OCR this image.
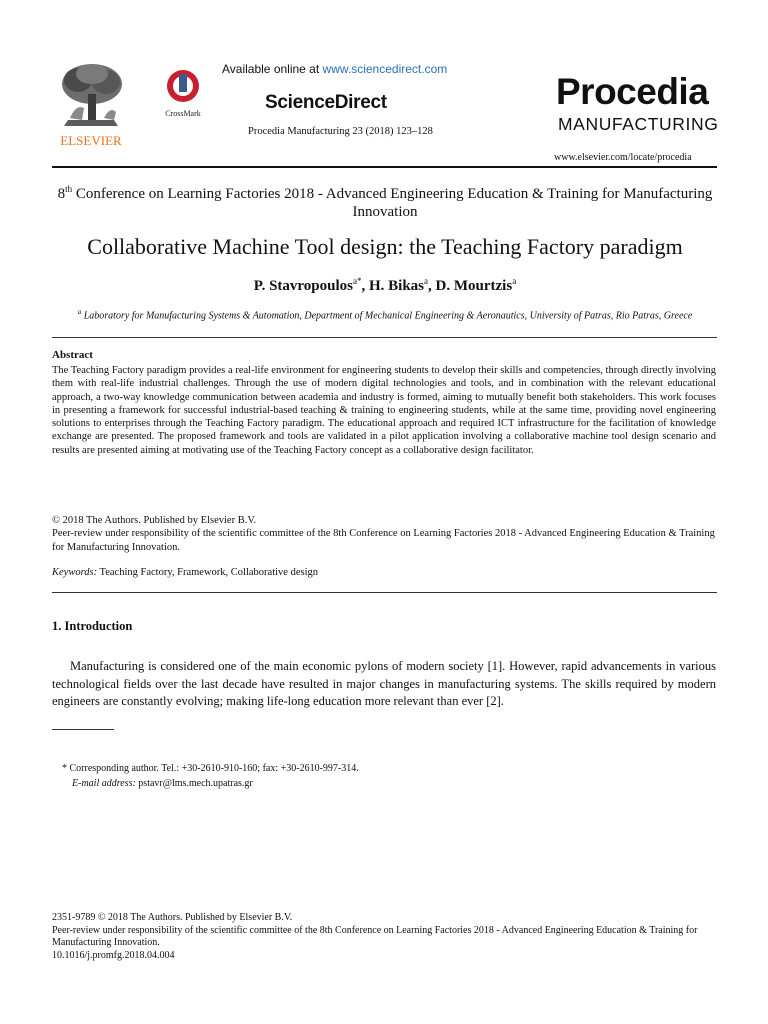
ELSEVIER
CrossMark
Available online at www.sciencedirect.com
ScienceDirect
Procedia Manufacturing 23 (2018) 123–128
Procedia
MANUFACTURING
www.elsevier.com/locate/procedia
8th Conference on Learning Factories 2018 - Advanced Engineering Education & Training for Manufacturing Innovation
Collaborative Machine Tool design: the Teaching Factory paradigm
P. Stavropoulos$^{a*}$, H. Bikas$^a$, D. Mourtzis$^a$
$^a$ Laboratory for Manufacturing Systems & Automation, Department of Mechanical Engineering & Aeronautics, University of Patras, Rio Patras, Greece
Abstract
The Teaching Factory paradigm provides a real-life environment for engineering students to develop their skills and competencies, through directly involving them with real-life industrial challenges. Through the use of modern digital technologies and tools, and in combination with the relevant educational approach, a two-way knowledge communication between academia and industry is formed, aiming to mutually benefit both stakeholders. This work focuses in presenting a framework for successful industrial-based teaching & training to engineering students, while at the same time, providing novel engineering solutions to enterprises through the Teaching Factory paradigm. The educational approach and required ICT infrastructure for the facilitation of knowledge exchange are presented. The proposed framework and tools are validated in a pilot application involving a collaborative machine tool design scenario and results are presented aiming at motivating use of the Teaching Factory concept as a collaborative design facilitator.
© 2018 The Authors. Published by Elsevier B.V.
Peer-review under responsibility of the scientific committee of the 8th Conference on Learning Factories 2018 - Advanced Engineering Education & Training for Manufacturing Innovation.
Keywords: Teaching Factory, Framework, Collaborative design
1. Introduction
Manufacturing is considered one of the main economic pylons of modern society [1]. However, rapid advancements in various technological fields over the last decade have resulted in major changes in manufacturing systems. The skills required by modern engineers are constantly evolving; making life-long education more relevant than ever [2].
* Corresponding author. Tel.: +30-2610-910-160; fax: +30-2610-997-314.
E-mail address: pstavr@lms.mech.upatras.gr
2351-9789 © 2018 The Authors. Published by Elsevier B.V.
Peer-review under responsibility of the scientific committee of the 8th Conference on Learning Factories 2018 - Advanced Engineering Education & Training for Manufacturing Innovation.
10.1016/j.promfg.2018.04.004
